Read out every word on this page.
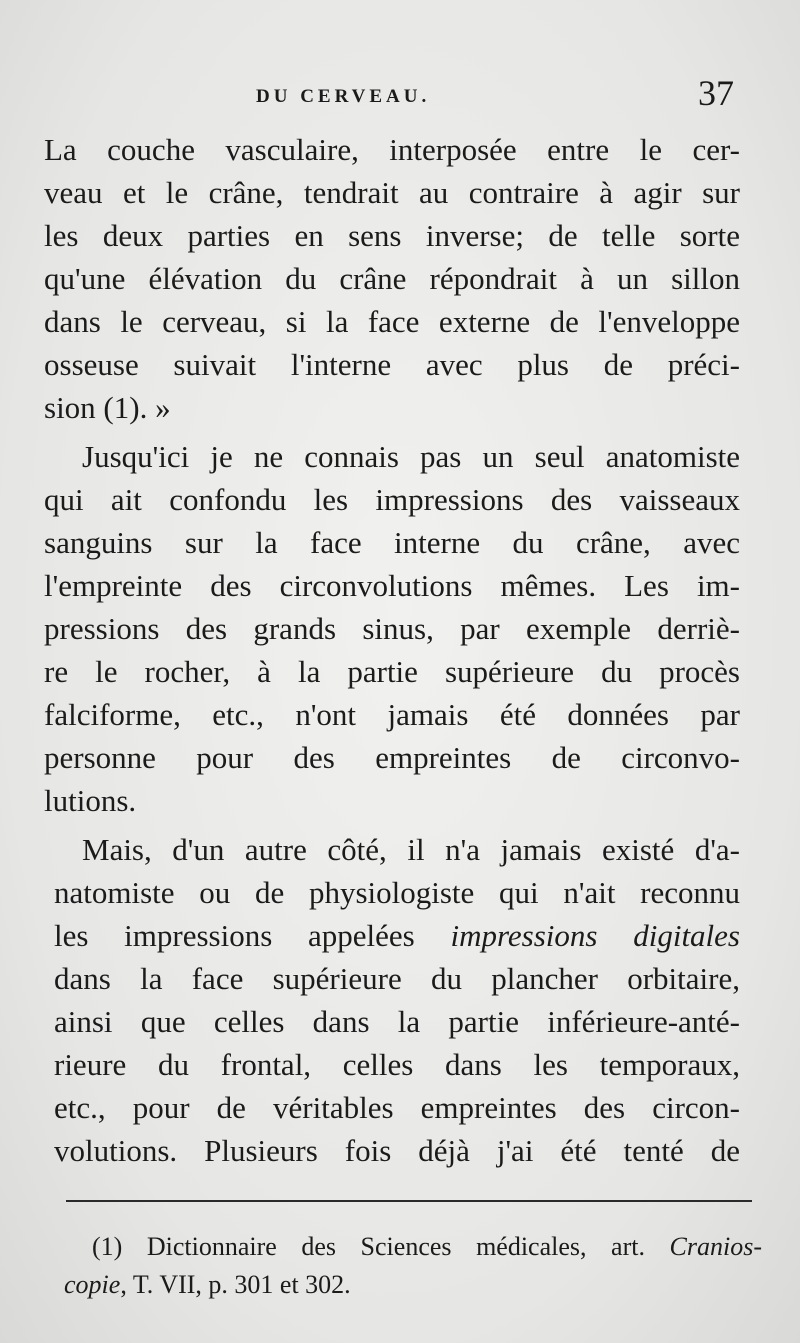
DU CERVEAU.	37
La couche vasculaire, interposée entre le cer-
veau et le crâne, tendrait au contraire à agir sur
les deux parties en sens inverse; de telle sorte
qu'une élévation du crâne répondrait à un sillon
dans le cerveau, si la face externe de l'enveloppe
osseuse suivait l'interne avec plus de préci-
sion (1). »
Jusqu'ici je ne connais pas un seul anatomiste
qui ait confondu les impressions des vaisseaux
sanguins sur la face interne du crâne, avec
l'empreinte des circonvolutions mêmes. Les im-
pressions des grands sinus, par exemple derriè-
re le rocher, à la partie supérieure du procès
falciforme, etc., n'ont jamais été données par
personne pour des empreintes de circonvo-
lutions.
Mais, d'un autre côté, il n'a jamais existé d'a-
natomiste ou de physiologiste qui n'ait reconnu
les impressions appelées impressions digitales
dans la face supérieure du plancher orbitaire,
ainsi que celles dans la partie inférieure-anté-
rieure du frontal, celles dans les temporaux,
etc., pour de véritables empreintes des circon-
volutions. Plusieurs fois déjà j'ai été tenté de
(1) Dictionnaire des Sciences médicales, art. Cranios-
copie, T. VII, p. 301 et 302.
